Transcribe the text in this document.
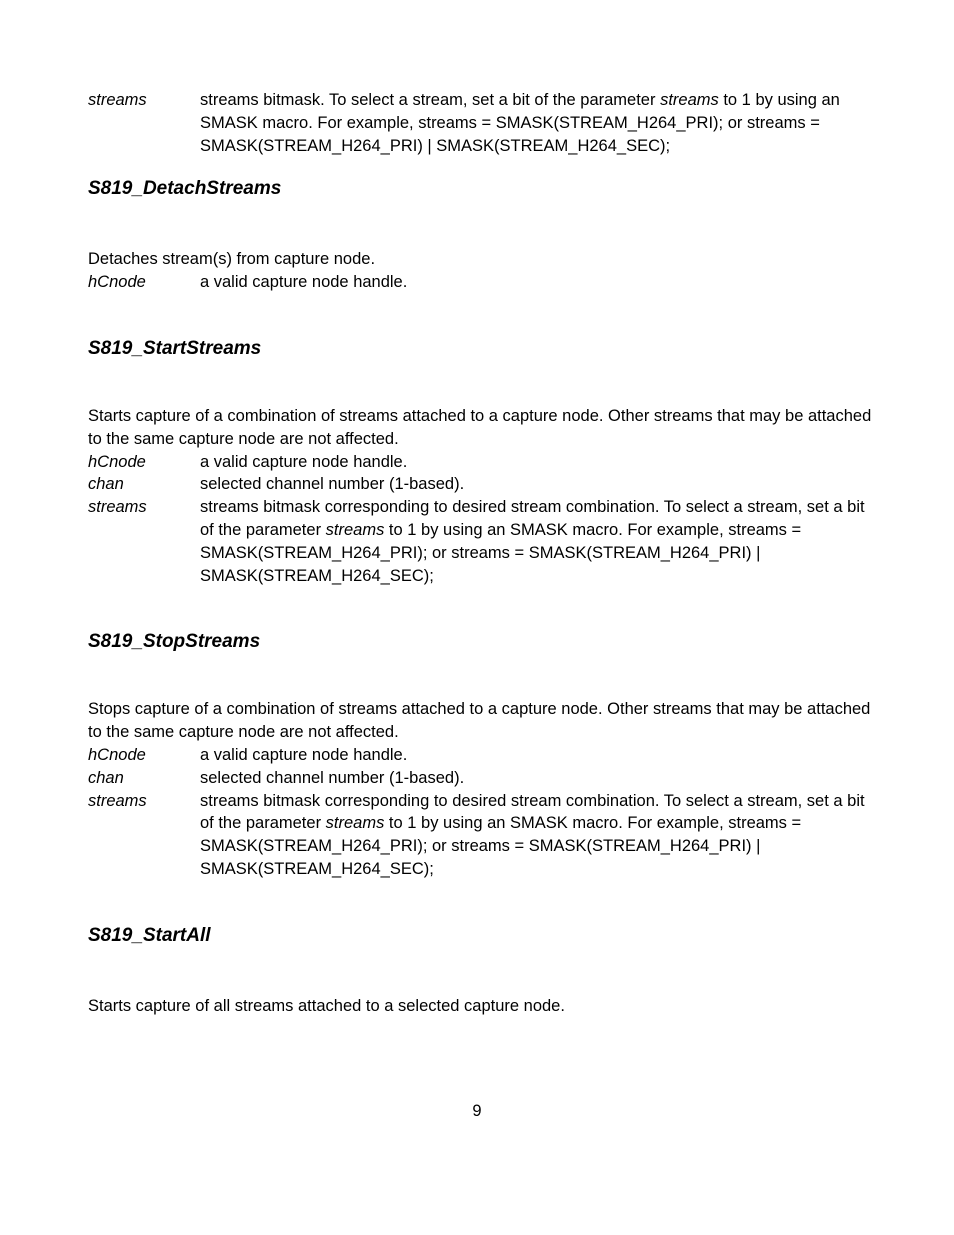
streams	streams bitmask. To select a stream, set a bit of the parameter streams to 1 by using an SMASK macro. For example, streams = SMASK(STREAM_H264_PRI); or streams = SMASK(STREAM_H264_PRI) | SMASK(STREAM_H264_SEC);
S819_DetachStreams

Detaches stream(s) from capture node.

hCnode	a valid capture node handle.
S819_StartStreams

Starts capture of a combination of streams attached to a capture node. Other streams that may be attached to the same capture node are not affected.

hCnode	a valid capture node handle.
chan	selected channel number (1-based).
streams	streams bitmask corresponding to desired stream combination. To select a stream, set a bit of the parameter streams to 1 by using an SMASK macro. For example, streams = SMASK(STREAM_H264_PRI); or streams = SMASK(STREAM_H264_PRI) | SMASK(STREAM_H264_SEC);
S819_StopStreams

Stops capture of a combination of streams attached to a capture node. Other streams that may be attached to the same capture node are not affected.

hCnode	a valid capture node handle.
chan	selected channel number (1-based).
streams	streams bitmask corresponding to desired stream combination. To select a stream, set a bit of the parameter streams to 1 by using an SMASK macro. For example, streams = SMASK(STREAM_H264_PRI); or streams = SMASK(STREAM_H264_PRI) | SMASK(STREAM_H264_SEC);
S819_StartAll

Starts capture of all streams attached to a selected capture node.

9
